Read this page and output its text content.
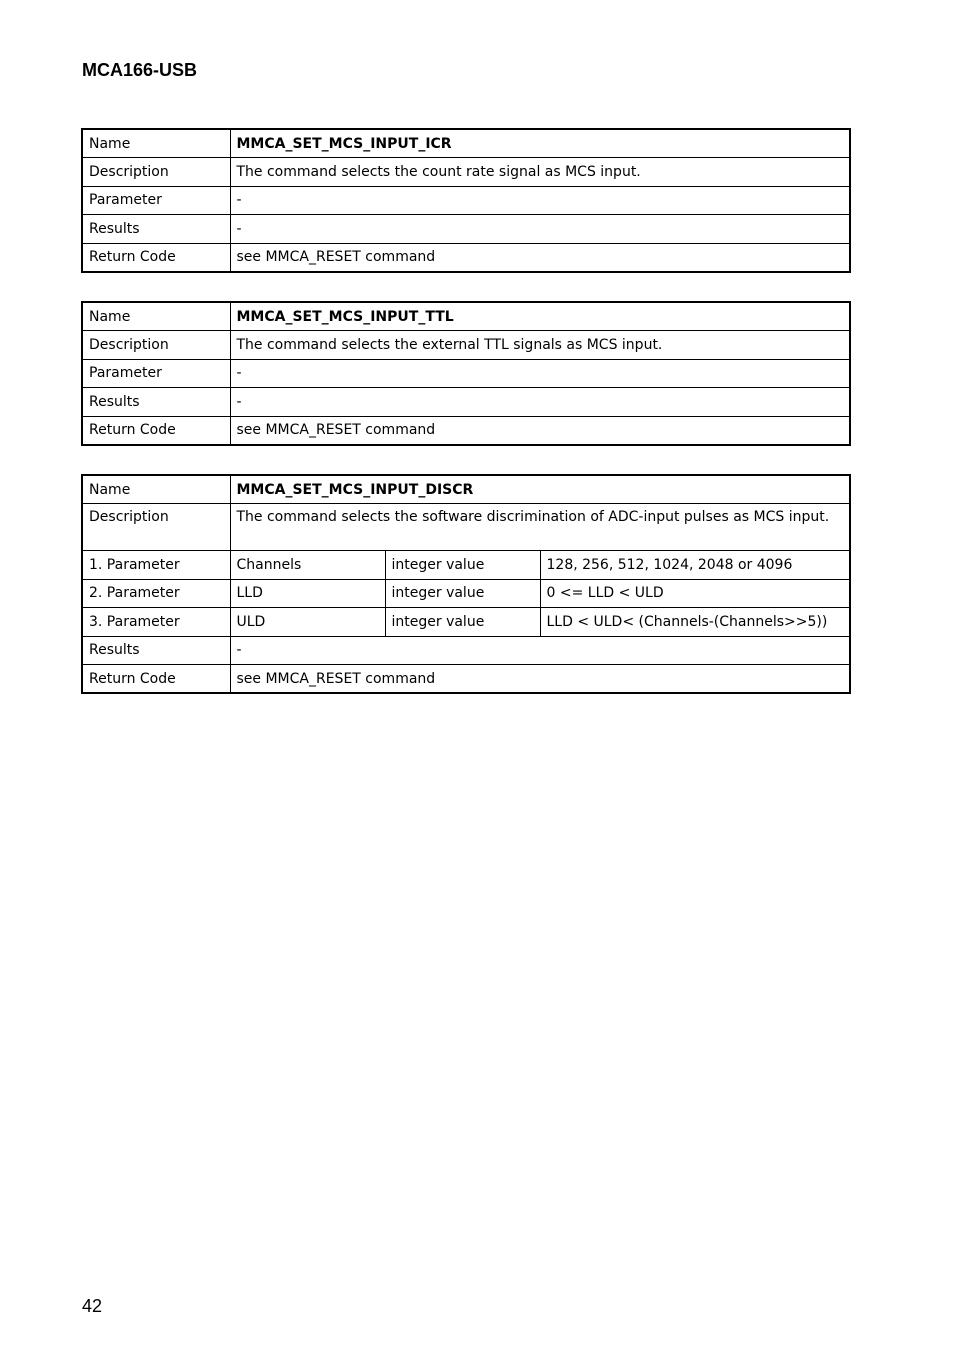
MCA166-USB
Name	MMCA_SET_MCS_INPUT_ICR
Description	The command selects the count rate signal as MCS input.
Parameter	-
Results	-
Return Code	see MMCA_RESET command
Name	MMCA_SET_MCS_INPUT_TTL
Description	The command selects the external TTL signals as MCS input.
Parameter	-
Results	-
Return Code	see MMCA_RESET command
Name	MMCA_SET_MCS_INPUT_DISCR		
Description	The command selects the software discrimination of ADC-input pulses as MCS input.		
1. Parameter	Channels	integer value	128, 256, 512, 1024, 2048 or 4096
2. Parameter	LLD	integer value	0 <= LLD < ULD
3. Parameter	ULD	integer value	LLD < ULD< (Channels-(Channels>>5))
Results	-		
Return Code	see MMCA_RESET command		
42
